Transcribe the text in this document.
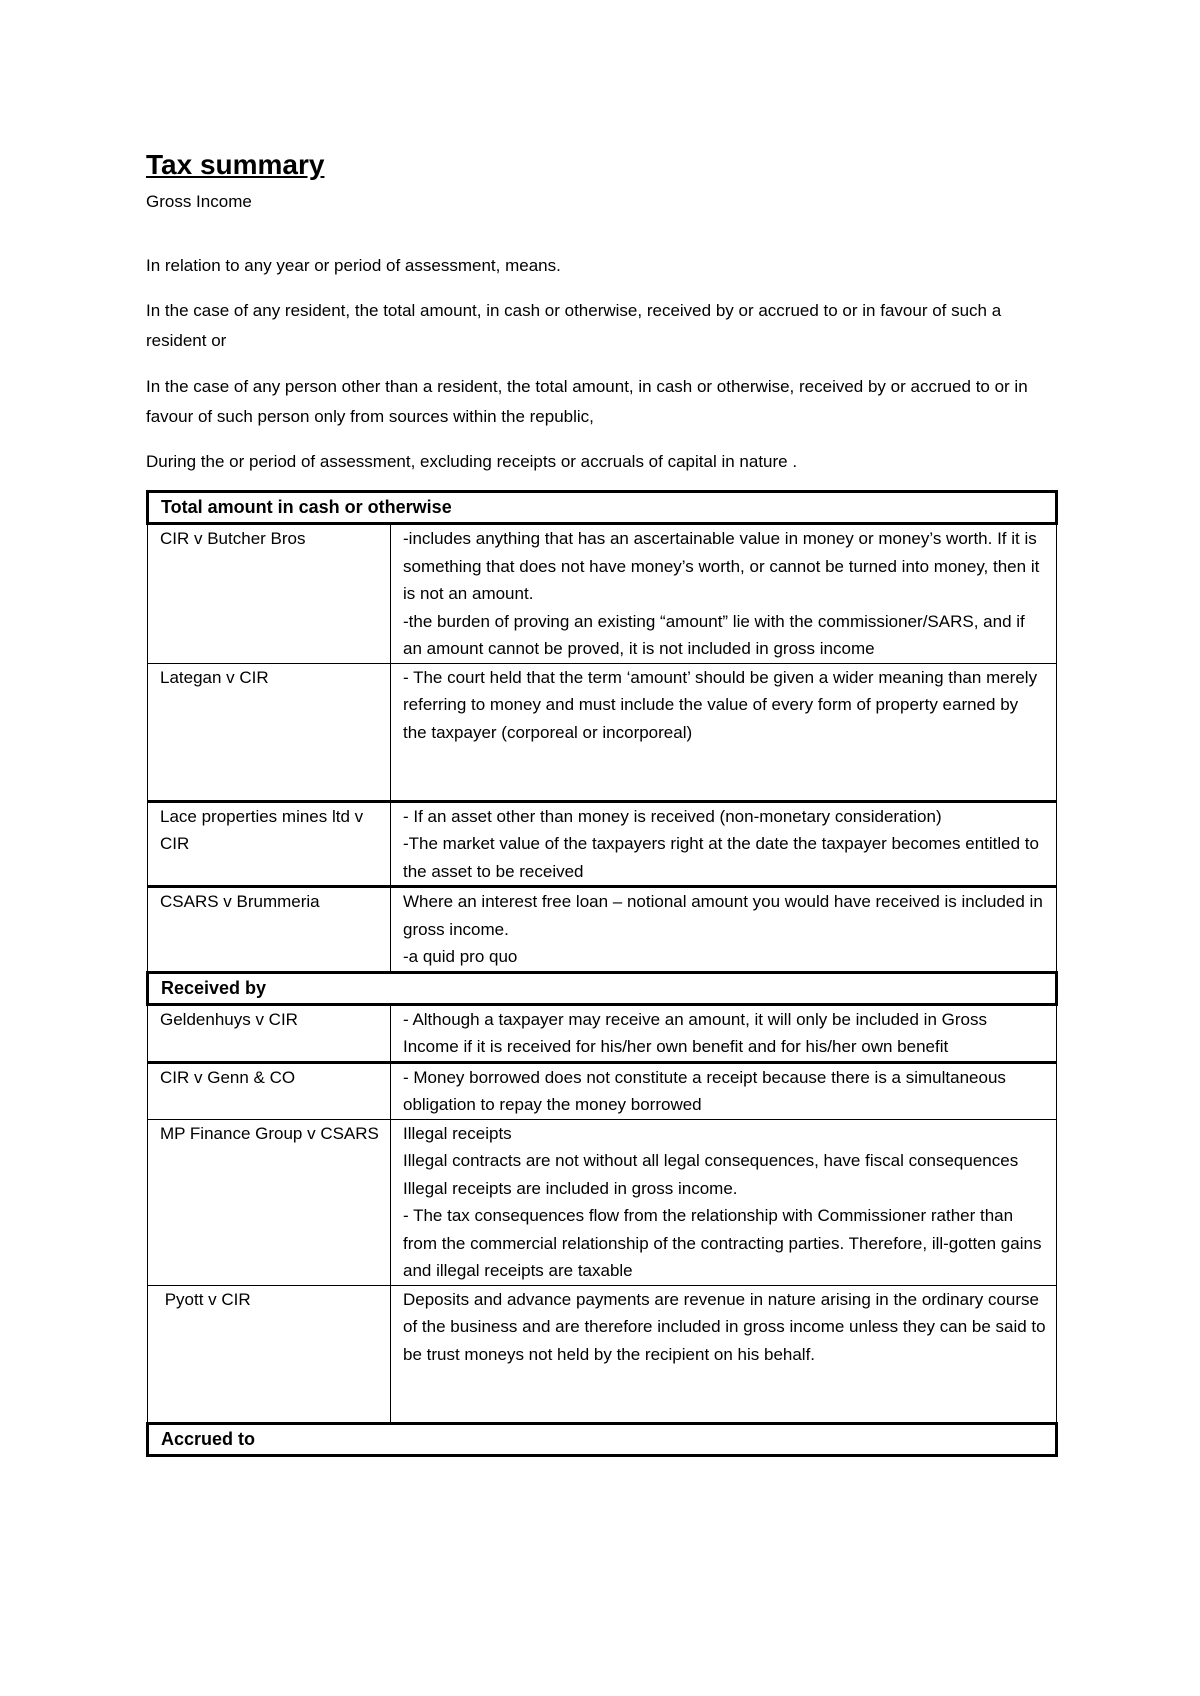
Tax summary

Gross Income

In relation to any year or period of assessment, means.

In the case of any resident, the total amount, in cash or otherwise, received by or accrued to or in favour of such a resident or

In the case of any person other than a resident, the total amount, in cash or otherwise, received by or accrued to or in favour of such person only from sources within the republic,

During the or period of assessment, excluding receipts or accruals of capital in nature .

Total amount in cash or otherwise	
CIR v Butcher Bros	-includes anything that has an ascertainable value in money or money’s worth. If it is something that does not have money’s worth, or cannot be turned into money, then it is not an amount.
-the burden of proving an existing “amount” lie with the commissioner/SARS, and if an amount cannot be proved, it is not included in gross income

Lategan v CIR	- The court held that the term ‘amount’ should be given a wider meaning than merely referring to money and must include the value of every form of property earned by the taxpayer (corporeal or incorporeal)

Lace properties mines ltd v CIR	- If an asset other than money is received (non-monetary consideration)
-The market value of the taxpayers right at the date the taxpayer becomes entitled to the asset to be received

CSARS v Brummeria	Where an interest free loan – notional amount you would have received is included in gross income.
-a quid pro quo

Received by	
Geldenhuys v CIR	- Although a taxpayer may receive an amount, it will only be included in Gross Income if it is received for his/her own benefit and for his/her own benefit

CIR v Genn & CO	- Money borrowed does not constitute a receipt because there is a simultaneous obligation to repay the money borrowed

MP Finance Group v CSARS	Illegal receipts
Illegal contracts are not without all legal consequences, have fiscal consequences
Illegal receipts are included in gross income.
- The tax consequences flow from the relationship with Commissioner rather than from the commercial relationship of the contracting parties. Therefore, ill-gotten gains and illegal receipts are taxable

Pyott v CIR	Deposits and advance payments are revenue in nature arising in the ordinary course of the business and are therefore included in gross income unless they can be said to be trust moneys not held by the recipient on his behalf.

Accrued to	
